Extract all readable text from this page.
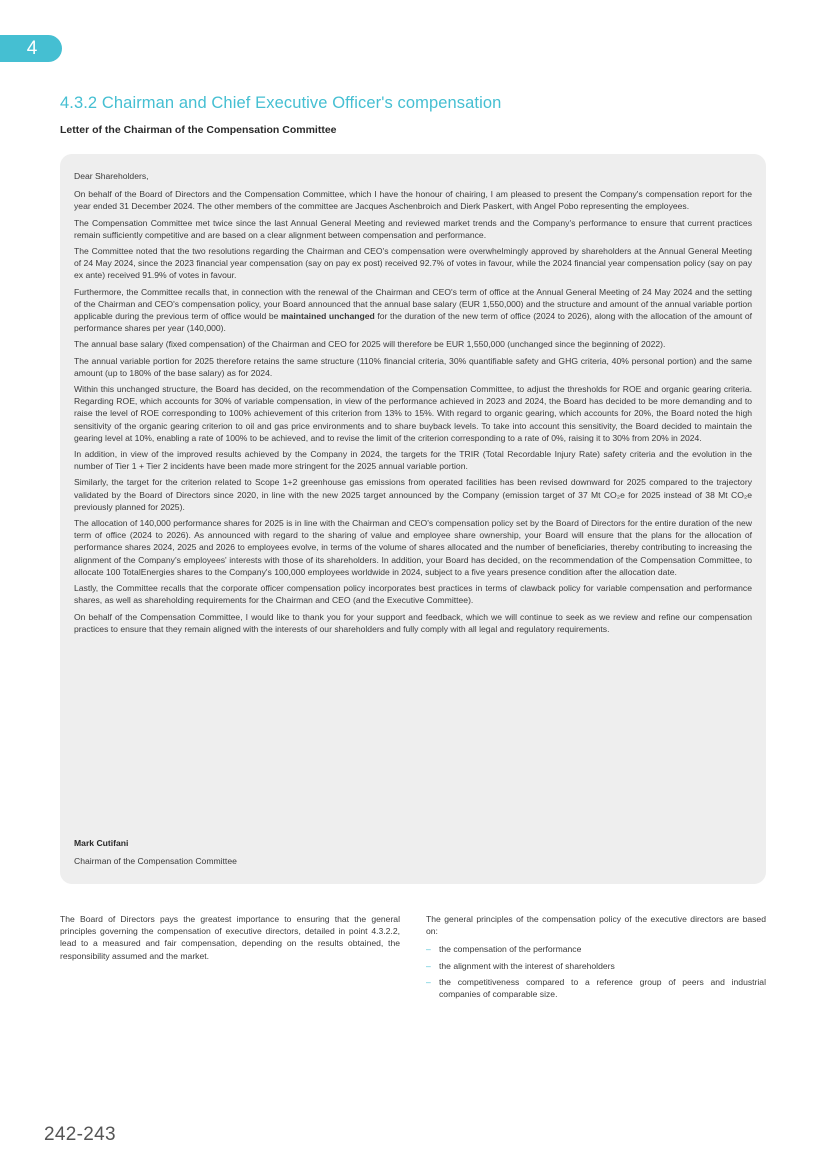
4
4.3.2 Chairman and Chief Executive Officer's compensation
Letter of the Chairman of the Compensation Committee

Dear Shareholders,

On behalf of the Board of Directors and the Compensation Committee, which I have the honour of chairing, I am pleased to present the Company's compensation report for the year ended 31 December 2024. The other members of the committee are Jacques Aschenbroich and Dierk Paskert, with Angel Pobo representing the employees.

The Compensation Committee met twice since the last Annual General Meeting and reviewed market trends and the Company's performance to ensure that current practices remain sufficiently competitive and are based on a clear alignment between compensation and performance.

The Committee noted that the two resolutions regarding the Chairman and CEO's compensation were overwhelmingly approved by shareholders at the Annual General Meeting of 24 May 2024, since the 2023 financial year compensation (say on pay ex post) received 92.7% of votes in favour, while the 2024 financial year compensation policy (say on pay ex ante) received 91.9% of votes in favour.

Furthermore, the Committee recalls that, in connection with the renewal of the Chairman and CEO's term of office at the Annual General Meeting of 24 May 2024 and the setting of the Chairman and CEO's compensation policy, your Board announced that the annual base salary (EUR 1,550,000) and the structure and amount of the annual variable portion applicable during the previous term of office would be maintained unchanged for the duration of the new term of office (2024 to 2026), along with the allocation of the amount of performance shares per year (140,000).

The annual base salary (fixed compensation) of the Chairman and CEO for 2025 will therefore be EUR 1,550,000 (unchanged since the beginning of 2022).

The annual variable portion for 2025 therefore retains the same structure (110% financial criteria, 30% quantifiable safety and GHG criteria, 40% personal portion) and the same amount (up to 180% of the base salary) as for 2024.

Within this unchanged structure, the Board has decided, on the recommendation of the Compensation Committee, to adjust the thresholds for ROE and organic gearing criteria. Regarding ROE, which accounts for 30% of variable compensation, in view of the performance achieved in 2023 and 2024, the Board has decided to be more demanding and to raise the level of ROE corresponding to 100% achievement of this criterion from 13% to 15%. With regard to organic gearing, which accounts for 20%, the Board noted the high sensitivity of the organic gearing criterion to oil and gas price environments and to share buyback levels. To take into account this sensitivity, the Board decided to maintain the gearing level at 10%, enabling a rate of 100% to be achieved, and to revise the limit of the criterion corresponding to a rate of 0%, raising it to 30% from 20% in 2024.

In addition, in view of the improved results achieved by the Company in 2024, the targets for the TRIR (Total Recordable Injury Rate) safety criteria and the evolution in the number of Tier 1 + Tier 2 incidents have been made more stringent for the 2025 annual variable portion.

Similarly, the target for the criterion related to Scope 1+2 greenhouse gas emissions from operated facilities has been revised downward for 2025 compared to the trajectory validated by the Board of Directors since 2020, in line with the new 2025 target announced by the Company (emission target of 37 Mt CO₂e for 2025 instead of 38 Mt CO₂e previously planned for 2025).

The allocation of 140,000 performance shares for 2025 is in line with the Chairman and CEO's compensation policy set by the Board of Directors for the entire duration of the new term of office (2024 to 2026). As announced with regard to the sharing of value and employee share ownership, your Board will ensure that the plans for the allocation of performance shares 2024, 2025 and 2026 to employees evolve, in terms of the volume of shares allocated and the number of beneficiaries, thereby contributing to increasing the alignment of the Company's employees' interests with those of its shareholders. In addition, your Board has decided, on the recommendation of the Compensation Committee, to allocate 100 TotalEnergies shares to the Company's 100,000 employees worldwide in 2024, subject to a five years presence condition after the allocation date.

Lastly, the Committee recalls that the corporate officer compensation policy incorporates best practices in terms of clawback policy for variable compensation and performance shares, as well as shareholding requirements for the Chairman and CEO (and the Executive Committee).

On behalf of the Compensation Committee, I would like to thank you for your support and feedback, which we will continue to seek as we review and refine our compensation practices to ensure that they remain aligned with the interests of our shareholders and fully comply with all legal and regulatory requirements.

Mark Cutifani

Chairman of the Compensation Committee

The Board of Directors pays the greatest importance to ensuring that the general principles governing the compensation of executive directors, detailed in point 4.3.2.2, lead to a measured and fair compensation, depending on the results obtained, the responsibility assumed and the market.

The general principles of the compensation policy of the executive directors are based on:

– the compensation of the performance
– the alignment with the interest of shareholders
– the competitiveness compared to a reference group of peers and industrial companies of comparable size.
242-243
